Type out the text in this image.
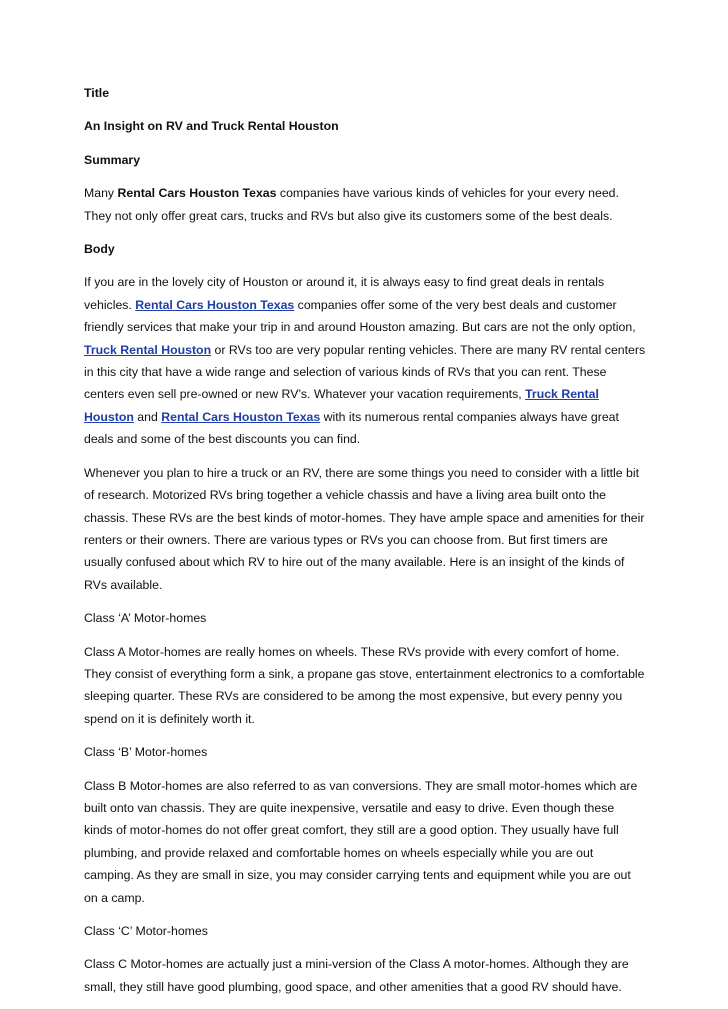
Title

An Insight on RV and Truck Rental Houston

Summary

Many Rental Cars Houston Texas companies have various kinds of vehicles for your every need. They not only offer great cars, trucks and RVs but also give its customers some of the best deals.

Body

If you are in the lovely city of Houston or around it, it is always easy to find great deals in rentals vehicles. Rental Cars Houston Texas companies offer some of the very best deals and customer friendly services that make your trip in and around Houston amazing. But cars are not the only option, Truck Rental Houston or RVs too are very popular renting vehicles. There are many RV rental centers in this city that have a wide range and selection of various kinds of RVs that you can rent. These centers even sell pre-owned or new RV’s. Whatever your vacation requirements, Truck Rental Houston and Rental Cars Houston Texas with its numerous rental companies always have great deals and some of the best discounts you can find.

Whenever you plan to hire a truck or an RV, there are some things you need to consider with a little bit of research. Motorized RVs bring together a vehicle chassis and have a living area built onto the chassis. These RVs are the best kinds of motor-homes. They have ample space and amenities for their renters or their owners. There are various types or RVs you can choose from. But first timers are usually confused about which RV to hire out of the many available. Here is an insight of the kinds of RVs available.

Class ‘A’ Motor-homes

Class A Motor-homes are really homes on wheels. These RVs provide with every comfort of home. They consist of everything form a sink, a propane gas stove, entertainment electronics to a comfortable sleeping quarter. These RVs are considered to be among the most expensive, but every penny you spend on it is definitely worth it.

Class ‘B’ Motor-homes

Class B Motor-homes are also referred to as van conversions. They are small motor-homes which are built onto van chassis. They are quite inexpensive, versatile and easy to drive. Even though these kinds of motor-homes do not offer great comfort, they still are a good option. They usually have full plumbing, and provide relaxed and comfortable homes on wheels especially while you are out camping. As they are small in size, you may consider carrying tents and equipment while you are out on a camp.

Class ‘C’ Motor-homes

Class C Motor-homes are actually just a mini-version of the Class A motor-homes. Although they are small, they still have good plumbing, good space, and other amenities that a good RV should have.
